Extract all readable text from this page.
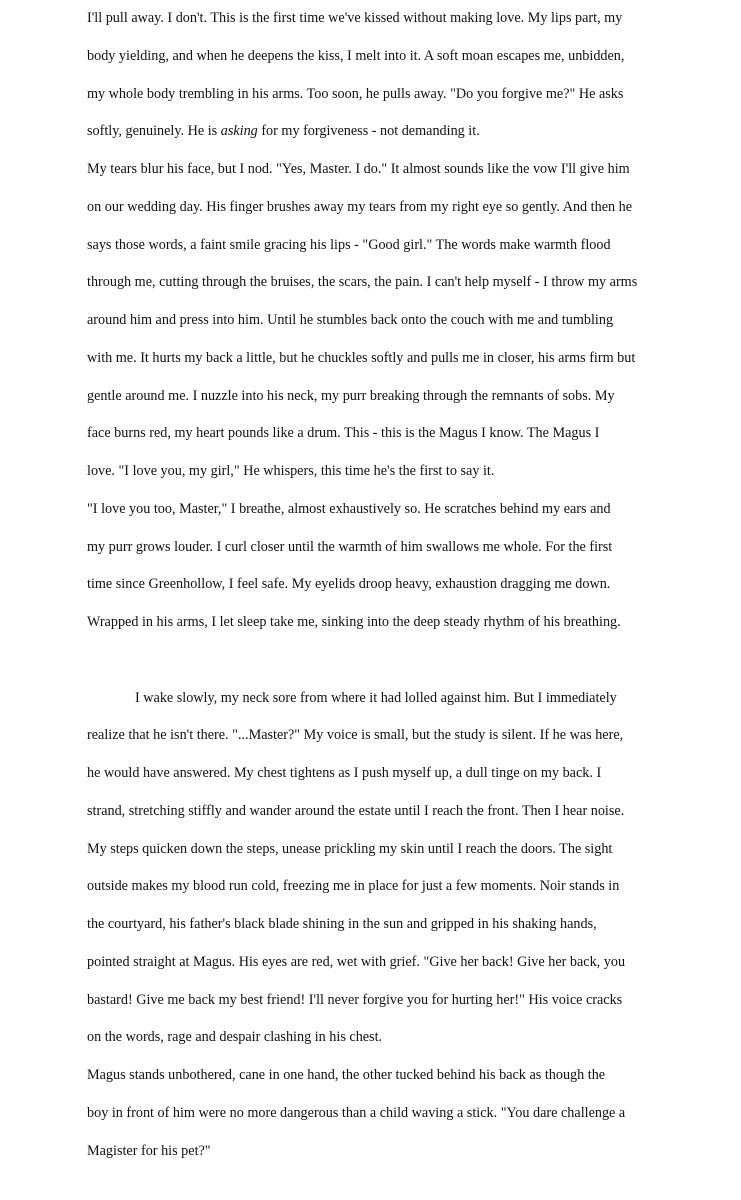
I'll pull away. I don't. This is the first time we've kissed without making love. My lips part, my
body yielding, and when he deepens the kiss, I melt into it. A soft moan escapes me, unbidden,
my whole body trembling in his arms. Too soon, he pulls away. "Do you forgive me?" He asks
softly, genuinely. He is asking for my forgiveness - not demanding it.
My tears blur his face, but I nod. "Yes, Master. I do." It almost sounds like the vow I'll give him
on our wedding day. His finger brushes away my tears from my right eye so gently. And then he
says those words, a faint smile gracing his lips - "Good girl." The words make warmth flood
through me, cutting through the bruises, the scars, the pain. I can't help myself - I throw my arms
around him and press into him. Until he stumbles back onto the couch with me and tumbling
with me. It hurts my back a little, but he chuckles softly and pulls me in closer, his arms firm but
gentle around me. I nuzzle into his neck, my purr breaking through the remnants of sobs. My
face burns red, my heart pounds like a drum. This - this is the Magus I know. The Magus I
love. "I love you, my girl," He whispers, this time he's the first to say it.
"I love you too, Master," I breathe, almost exhaustively so. He scratches behind my ears and
my purr grows louder. I curl closer until the warmth of him swallows me whole. For the first
time since Greenhollow, I feel safe. My eyelids droop heavy, exhaustion dragging me down.
Wrapped in his arms, I let sleep take me, sinking into the deep steady rhythm of his breathing.
I wake slowly, my neck sore from where it had lolled against him. But I immediately
realize that he isn't there. "...Master?" My voice is small, but the study is silent. If he was here,
he would have answered. My chest tightens as I push myself up, a dull tinge on my back. I
strand, stretching stiffly and wander around the estate until I reach the front. Then I hear noise.
My steps quicken down the steps, unease prickling my skin until I reach the doors. The sight
outside makes my blood run cold, freezing me in place for just a few moments. Noir stands in
the courtyard, his father's black blade shining in the sun and gripped in his shaking hands,
pointed straight at Magus. His eyes are red, wet with grief. "Give her back! Give her back, you
bastard! Give me back my best friend! I'll never forgive you for hurting her!" His voice cracks
on the words, rage and despair clashing in his chest.
Magus stands unbothered, cane in one hand, the other tucked behind his back as though the
boy in front of him were no more dangerous than a child waving a stick. "You dare challenge a
Magister for his pet?"
